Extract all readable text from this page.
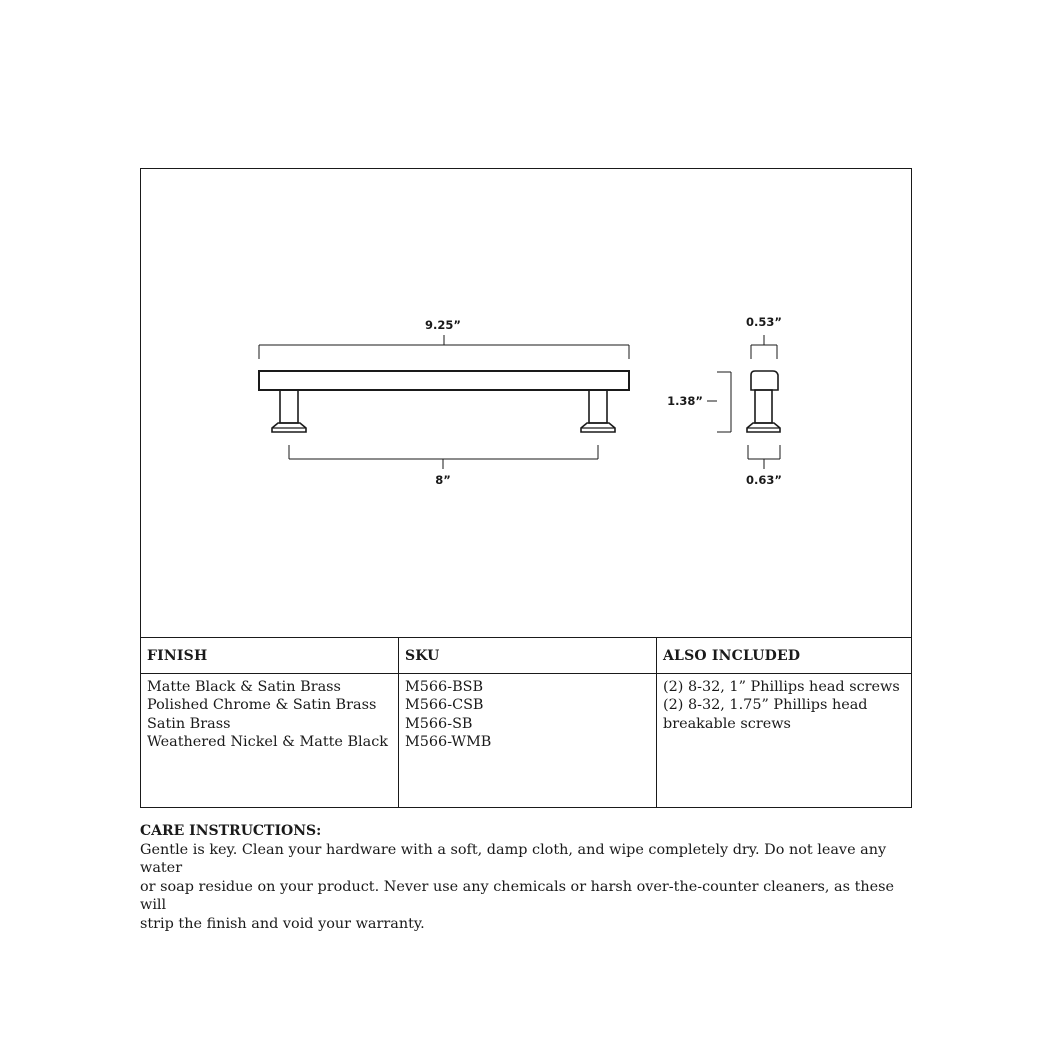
9.25”
8”
0.53”
1.38”
0.63”
FINISH
Matte Black & Satin Brass
Polished Chrome & Satin Brass
Satin Brass
Weathered Nickel & Matte Black
SKU
M566-BSB
M566-CSB
M566-SB
M566-WMB
ALSO INCLUDED
(2) 8-32, 1” Phillips head screws
(2) 8-32, 1.75” Phillips head
breakable screws
CARE INSTRUCTIONS:
Gentle is key. Clean your hardware with a soft, damp cloth, and wipe completely dry. Do not leave any water
or soap residue on your product. Never use any chemicals or harsh over-the-counter cleaners, as these will
strip the finish and void your warranty.
